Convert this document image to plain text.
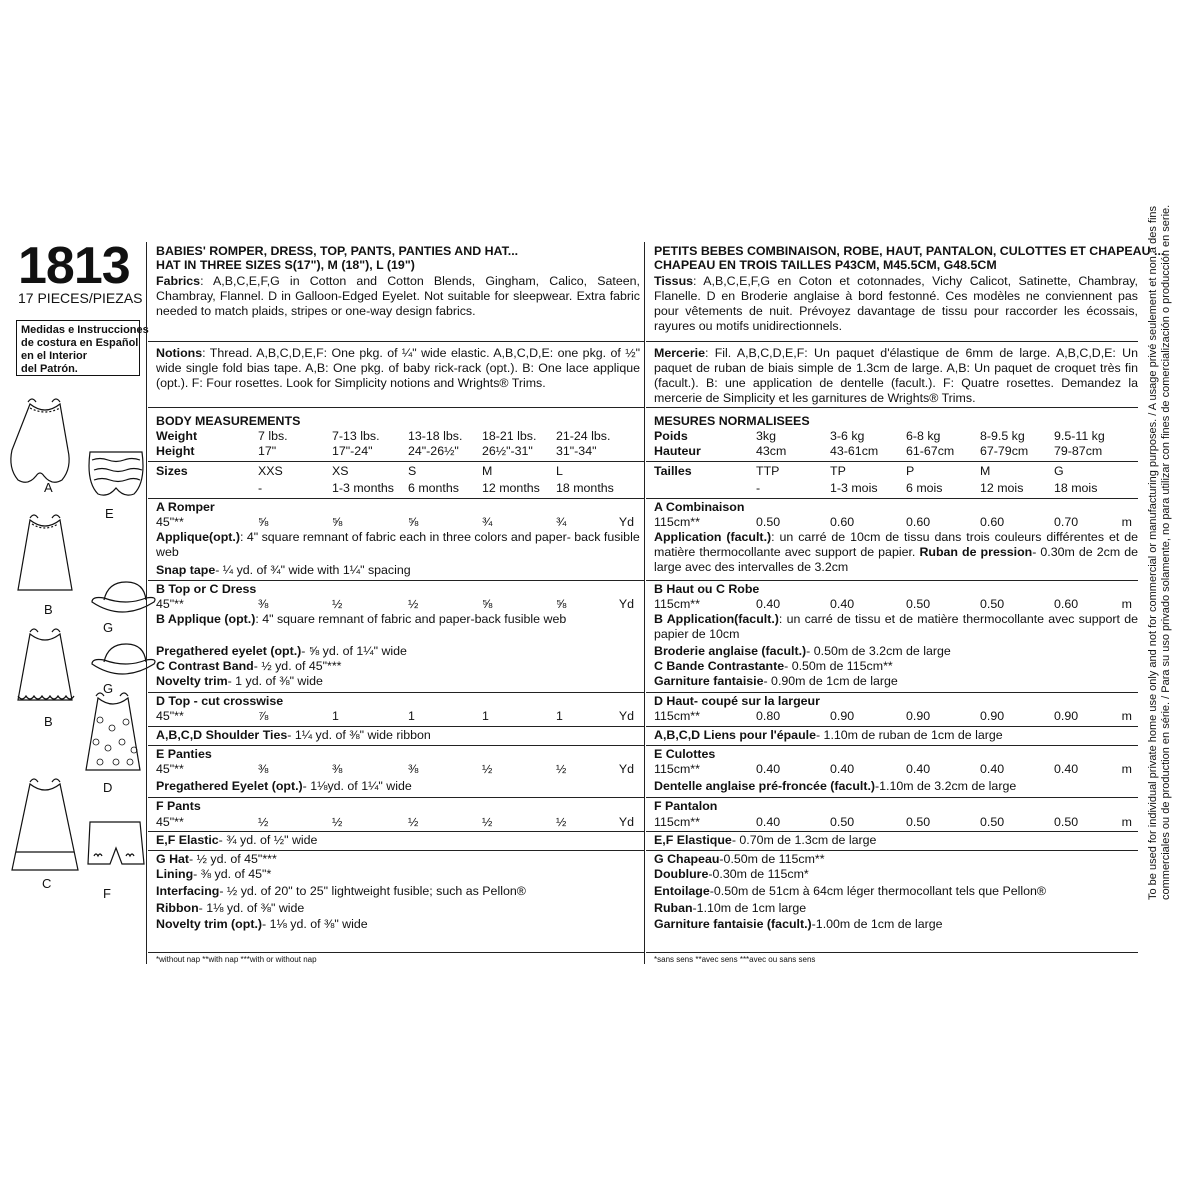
1813
17 PIECES/PIEZAS
Medidas e Instrucciones
de costura en Español
en el Interior
del Patrón.
A
E
B
G
B
G
D
C
F
BABIES' ROMPER, DRESS, TOP, PANTS, PANTIES AND HAT...
HAT IN THREE SIZES S(17"), M (18"), L (19")
Fabrics: A,B,C,E,F,G in Cotton and Cotton Blends, Gingham, Calico, Sateen, Chambray, Flannel. D in Galloon-Edged Eyelet. Not suitable for sleepwear. Extra fabric needed to match plaids, stripes or one-way design fabrics.
Notions: Thread. A,B,C,D,E,F: One pkg. of ¼" wide elastic. A,B,C,D,E: one pkg. of ½" wide single fold bias tape. A,B: One pkg. of baby rick-rack (opt.). B: One lace applique (opt.). F: Four rosettes. Look for Simplicity notions and Wrights® Trims.
BODY MEASUREMENTS
Weight	7 lbs.	7-13 lbs. 13-18 lbs. 18-21 lbs. 21-24 lbs.
Height	17"	17"-24"	24"-26½" 26½"-31" 31"-34"
Sizes	XXS	XS	S	M	L
-	1-3 months 6 months 12 months 18 months
A Romper
45"**	⅝	⅝	⅝	¾	¾	Yd
Applique(opt.): 4" square remnant of fabric each in three colors and paper- back fusible web
Snap tape - ¼ yd. of ¾" wide with 1¼" spacing
B Top or C Dress
45"**	⅜	½	½	⅝	⅝	Yd
B Applique (opt.) : 4" square remnant of fabric and paper-back fusible web
Pregathered eyelet (opt.) - ⅝ yd. of 1¼" wide
C Contrast Band - ½ yd. of 45"***
Novelty trim - 1 yd. of ⅜" wide
D Top - cut crosswise
45"**	⅞	1	1	1	1	Yd
A,B,C,D Shoulder Ties - 1¼ yd. of ⅜" wide ribbon
E Panties
45"**	⅜	⅜	⅜	½	½	Yd
Pregathered Eyelet (opt.) - 1⅛yd. of 1¼" wide
F Pants
45"**	½	½	½	½	½	Yd
E,F Elastic - ¾ yd. of ½" wide
G Hat - ½ yd. of 45"***
Lining - ⅜ yd. of 45"*
Interfacing - ½ yd. of 20" to 25" lightweight fusible; such as Pellon®
Ribbon - 1⅛ yd. of ⅜" wide
Novelty trim (opt.) - 1⅛ yd. of ⅜" wide
*without nap **with nap ***with or without nap
PETITS BEBES COMBINAISON, ROBE, HAUT, PANTALON, CULOTTES ET CHAPEAU ...
CHAPEAU EN TROIS TAILLES P43CM, M45.5CM, G48.5CM
Tissus: A,B,C,E,F,G en Coton et cotonnades, Vichy Calicot, Satinette, Chambray, Flanelle. D en Broderie anglaise à bord festonné. Ces modèles ne conviennent pas pour vêtements de nuit. Prévoyez davantage de tissu pour raccorder les écossais, rayures ou motifs unidirectionnels.
Mercerie: Fil. A,B,C,D,E,F: Un paquet d'élastique de 6mm de large. A,B,C,D,E: Un paquet de ruban de biais simple de 1.3cm de large. A,B: Un paquet de croquet très fin (facult.). B: une application de dentelle (facult.). F: Quatre rosettes. Demandez la mercerie de Simplicity et les garnitures de Wrights® Trims.
MESURES NORMALISEES
Poids	3kg	3-6 kg	6-8 kg	8-9.5 kg 9.5-11 kg
Hauteur	43cm	43-61cm 61-67cm 67-79cm 79-87cm
Tailles	TTP	TP	P	M	G
-	1-3 mois 6 mois	12 mois 18 mois
A Combinaison
115cm**	0.50	0.60	0.60	0.60	0.70	m
Application (facult.): un carré de 10cm de tissu dans trois couleurs différentes et de matière thermocollante avec support de papier. Ruban de pression- 0.30m de 2cm de large avec des intervalles de 3.2cm
B Haut ou C Robe
115cm**	0.40	0.40	0.50	0.50	0.60	m
B Application(facult.): un carré de tissu et de matière thermocollante avec support de papier de 10cm
Broderie anglaise (facult.) - 0.50m de 3.2cm de large
C Bande Contrastante - 0.50m de 115cm**
Garniture fantaisie - 0.90m de 1cm de large
D Haut- coupé sur la largeur
115cm**	0.80	0.90	0.90	0.90	0.90	m
A,B,C,D Liens pour l'épaule - 1.10m de ruban de 1cm de large
E Culottes
115cm**	0.40	0.40	0.40	0.40	0.40	m
Dentelle anglaise pré-froncée (facult.) -1.10m de 3.2cm de large
F Pantalon
115cm**	0.40	0.50	0.50	0.50	0.50	m
E,F Elastique - 0.70m de 1.3cm de large
G Chapeau -0.50m de 115cm**
Doublure -0.30m de 115cm*
Entoilage -0.50m de 51cm à 64cm léger thermocollant tels que Pellon®
Ruban -1.10m de 1cm large
Garniture fantaisie (facult.) -1.00m de 1cm de large
*sans sens **avec sens ***avec ou sans sens
To be used for individual private home use only and not for commercial or manufacturing purposes. / A usage privé seulement et non à des fins commerciales ou de production en série. / Para su uso privado solamente, no para utilizar con fines de comercialización o producción en serie.
